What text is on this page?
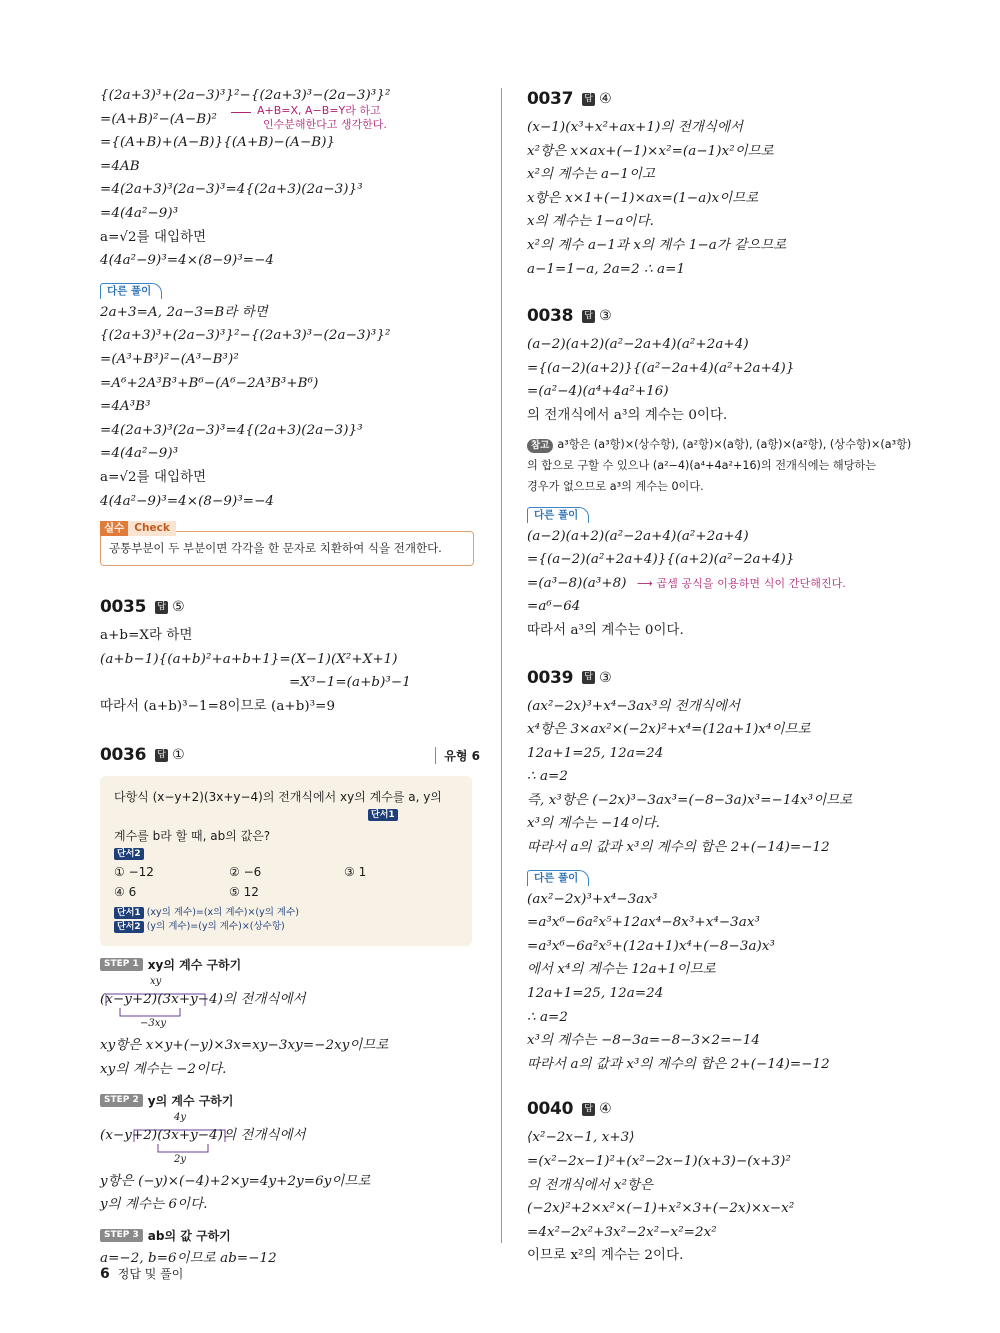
{(2a+3)³+(2a−3)³}²−{(2a+3)³−(2a−3)³}²
=(A+B)²−(A−B)²
={(A+B)+(A−B)}{(A+B)−(A−B)}
=4AB
=4(2a+3)³(2a−3)³=4{(2a+3)(2a−3)}³
=4(4a²−9)³
a=√2를 대입하면
4(4a²−9)³=4×(8−9)³=−4
A+B=X, A−B=Y라 하고
인수분해한다고 생각한다.
다른 풀이
2a+3=A, 2a−3=B라 하면
{(2a+3)³+(2a−3)³}²−{(2a+3)³−(2a−3)³}²
=(A³+B³)²−(A³−B³)²
=A⁶+2A³B³+B⁶−(A⁶−2A³B³+B⁶)
=4A³B³
=4(2a+3)³(2a−3)³=4{(2a+3)(2a−3)}³
=4(4a²−9)³
a=√2를 대입하면
4(4a²−9)³=4×(8−9)³=−4
실수 Check
공통부분이 두 부분이면 각각을 한 문자로 치환하여 식을 전개한다.
0035 답 ⑤
a+b=X라 하면
(a+b−1){(a+b)²+a+b+1}=(X−1)(X²+X+1)
=X³−1=(a+b)³−1
따라서 (a+b)³−1=8이므로 (a+b)³=9
0036 답 ①	유형 6
다항식 (x−y+2)(3x+y−4)의 전개식에서 xy의 계수를 a, y의
단서1
계수를 b라 할 때, ab의 값은?
단서2
① −12	② −6	③ 1
④ 6	⑤ 12
단서1 (xy의 계수)=(x의 계수)×(y의 계수)
단서2 (y의 계수)=(y의 계수)×(상수항)
STEP 1 xy의 계수 구하기
xy
(x−y+2)(3x+y−4)의 전개식에서
−3xy
xy항은 x×y+(−y)×3x=xy−3xy=−2xy이므로
xy의 계수는 −2이다.
STEP 2 y의 계수 구하기
4y
(x−y+2)(3x+y−4)의 전개식에서
2y
y항은 (−y)×(−4)+2×y=4y+2y=6y이므로
y의 계수는 6이다.
STEP 3 ab의 값 구하기
a=−2, b=6이므로 ab=−12
0037 답 ④
(x−1)(x³+x²+ax+1)의 전개식에서
x²항은 x×ax+(−1)×x²=(a−1)x²이므로
x²의 계수는 a−1이고
x항은 x×1+(−1)×ax=(1−a)x이므로
x의 계수는 1−a이다.
x²의 계수 a−1과 x의 계수 1−a가 같으므로
a−1=1−a, 2a=2 ∴ a=1
0038 답 ③
(a−2)(a+2)(a²−2a+4)(a²+2a+4)
={(a−2)(a+2)}{(a²−2a+4)(a²+2a+4)}
=(a²−4)(a⁴+4a²+16)
의 전개식에서 a³의 계수는 0이다.
참고 a³항은 (a³항)×(상수항), (a²항)×(a항), (a항)×(a²항), (상수항)×(a³항)
의 합으로 구할 수 있으나 (a²−4)(a⁴+4a²+16)의 전개식에는 해당하는
경우가 없으므로 a³의 계수는 0이다.
다른 풀이
(a−2)(a+2)(a²−2a+4)(a²+2a+4)
={(a−2)(a²+2a+4)}{(a+2)(a²−2a+4)}
=(a³−8)(a³+8) ⟶ 곱셈 공식을 이용하면 식이 간단해진다.
=a⁶−64
따라서 a³의 계수는 0이다.
0039 답 ③
(ax²−2x)³+x⁴−3ax³의 전개식에서
x⁴항은 3×ax²×(−2x)²+x⁴=(12a+1)x⁴이므로
12a+1=25, 12a=24
∴ a=2
즉, x³항은 (−2x)³−3ax³=(−8−3a)x³=−14x³이므로
x³의 계수는 −14이다.
따라서 a의 값과 x³의 계수의 합은 2+(−14)=−12
다른 풀이
(ax²−2x)³+x⁴−3ax³
=a³x⁶−6a²x⁵+12ax⁴−8x³+x⁴−3ax³
=a³x⁶−6a²x⁵+(12a+1)x⁴+(−8−3a)x³
에서 x⁴의 계수는 12a+1이므로
12a+1=25, 12a=24
∴ a=2
x³의 계수는 −8−3a=−8−3×2=−14
따라서 a의 값과 x³의 계수의 합은 2+(−14)=−12
0040 답 ④
⟨x²−2x−1, x+3⟩
=(x²−2x−1)²+(x²−2x−1)(x+3)−(x+3)²
의 전개식에서 x²항은
(−2x)²+2×x²×(−1)+x²×3+(−2x)×x−x²
=4x²−2x²+3x²−2x²−x²=2x²
이므로 x²의 계수는 2이다.
6 정답 및 풀이
